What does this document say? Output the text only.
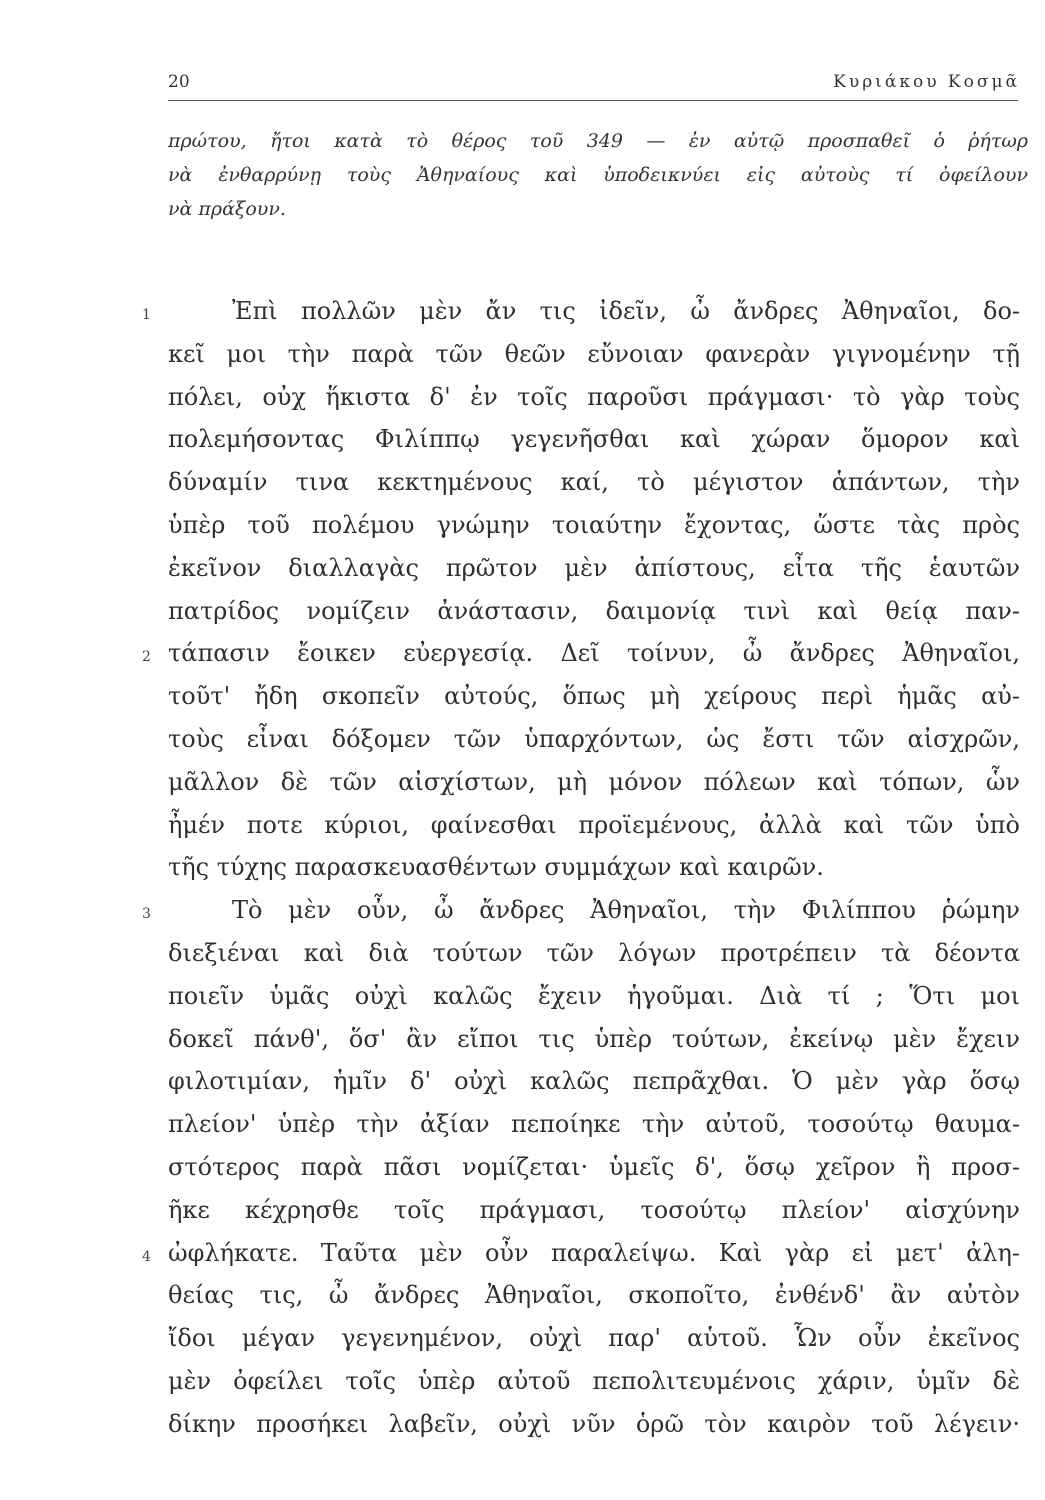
20	Κυριάκου Κοσμᾶ
πρώτου, ἤτοι κατὰ τὸ θέρος τοῦ 349 — ἐν αὐτῷ προσπαθεῖ ὁ ῥήτωρ
νὰ ἐνθαρρύνῃ τοὺς Ἀθηναίους καὶ ὑποδεικνύει εἰς αὐτοὺς τί ὀφείλουν
νὰ πράξουν.
1	Ἐπὶ πολλῶν μὲν ἄν τις ἰδεῖν, ὦ ἄνδρες Ἀθηναῖοι, δο-
κεῖ μοι τὴν παρὰ τῶν θεῶν εὔνοιαν φανερὰν γιγνομένην τῇ
πόλει, οὐχ ἥκιστα δ' ἐν τοῖς παροῦσι πράγμασι· τὸ γὰρ τοὺς
πολεμήσοντας Φιλίππῳ γεγενῆσθαι καὶ χώραν ὅμορον καὶ
δύναμίν τινα κεκτημένους καί, τὸ μέγιστον ἁπάντων, τὴν
ὑπὲρ τοῦ πολέμου γνώμην τοιαύτην ἔχοντας, ὥστε τὰς πρὸς
ἐκεῖνον διαλλαγὰς πρῶτον μὲν ἀπίστους, εἶτα τῆς ἑαυτῶν
πατρίδος νομίζειν ἀνάστασιν, δαιμονίᾳ τινὶ καὶ θείᾳ παν-
2 τάπασιν ἔοικεν εὐεργεσίᾳ. Δεῖ τοίνυν, ὦ ἄνδρες Ἀθηναῖοι,
τοῦτ' ἤδη σκοπεῖν αὐτούς, ὅπως μὴ χείρους περὶ ἡμᾶς αὐ-
τοὺς εἶναι δόξομεν τῶν ὑπαρχόντων, ὡς ἔστι τῶν αἰσχρῶν,
μᾶλλον δὲ τῶν αἰσχίστων, μὴ μόνον πόλεων καὶ τόπων, ὧν
ἦμέν ποτε κύριοι, φαίνεσθαι προϊεμένους, ἀλλὰ καὶ τῶν ὑπὸ
τῆς τύχης παρασκευασθέντων συμμάχων καὶ καιρῶν.
3	Τὸ μὲν οὖν, ὦ ἄνδρες Ἀθηναῖοι, τὴν Φιλίππου ῥώμην
διεξιέναι καὶ διὰ τούτων τῶν λόγων προτρέπειν τὰ δέοντα
ποιεῖν ὑμᾶς οὐχὶ καλῶς ἔχειν ἡγοῦμαι. Διὰ τί ; Ὅτι μοι
δοκεῖ πάνθ', ὅσ' ἂν εἴποι τις ὑπὲρ τούτων, ἐκείνῳ μὲν ἔχειν
φιλοτιμίαν, ἡμῖν δ' οὐχὶ καλῶς πεπρᾶχθαι. Ὁ μὲν γὰρ ὅσῳ
πλείον' ὑπὲρ τὴν ἀξίαν πεποίηκε τὴν αὐτοῦ, τοσούτῳ θαυμα-
στότερος παρὰ πᾶσι νομίζεται· ὑμεῖς δ', ὅσῳ χεῖρον ἢ προσ-
ῆκε κέχρησθε τοῖς πράγμασι, τοσούτῳ πλείον' αἰσχύνην
4 ὠφλήκατε. Ταῦτα μὲν οὖν παραλείψω. Καὶ γὰρ εἰ μετ' ἀλη-
θείας τις, ὦ ἄνδρες Ἀθηναῖοι, σκοποῖτο, ἐνθένδ' ἂν αὐτὸν
ἴδοι μέγαν γεγενημένον, οὐχὶ παρ' αὑτοῦ. Ὧν οὖν ἐκεῖνος
μὲν ὀφείλει τοῖς ὑπὲρ αὐτοῦ πεπολιτευμένοις χάριν, ὑμῖν δὲ
δίκην προσήκει λαβεῖν, οὐχὶ νῦν ὁρῶ τὸν καιρὸν τοῦ λέγειν·
